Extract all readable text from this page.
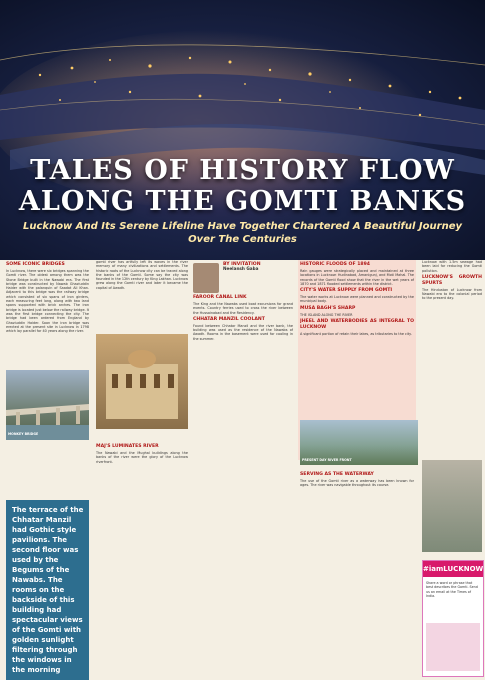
TALES OF HISTORY FLOW
ALONG THE GOMTI BANKS

Lucknow And Its Serene Lifeline Have Together Chartered A Beautiful Journey Over The Centuries

SOME ICONIC BRIDGES

In Lucknow, there were six bridges spanning the Gomti river. The oldest among them was the Stone Bridge built in the Nawabi era. The first bridge was constructed by Nawab Ghaziuddin Haider with the palanquin of Saadat Ali Khan. Adjacent to this bridge was the railway bridge which consisted of six spans of iron girders, each measuring feet long, along with two land spans supported with brick arches. The iron bridge is located just below the railway bridge. It was the first bridge connecting the city. The bridge had been ordered from England by Ghaziuddin Haider. Soon the iron bridge was erected at the present site in Lucknow in 1798 which lay parallel for 40 years along the river.

MONKEY BRIDGE

gomti river has artfully left its waves in the river memory of many civilizations and settlements. The historic roots of the Lucknow city can be traced along the banks of the Gomti. Some say the city was founded in the 12th century by King Lakhan. Lucknow grew along the Gomti river and later it became the capital of Awadh.

MAJ'S LUMINATES RIVER

The Nawabi and the Mughal buildings along the banks of the river were the glory of the Lucknow riverfront.

The terrace of the Chhatar Manzil had Gothic style pavilions. The second floor was used by the Begums of the Nawabs. The rooms on the backside of this building had spectacular views of the Gomti with golden sunlight filtering through the windows in the morning
BY INVITATION
Neelansh Gaba
FAROOR CANAL LINK

The King and the Nawabs used boat excursions for grand events. Country ferries used to cross the river between the Hussainabad and the Residency.

CHHATAR MANZIL COOLANT

Found between Chhatar Manzil and the river bank, the building was used as the residence of the Nawabs of Awadh. Rooms in the basement were used for cooling in the summer.

HISTORIC FLOODS OF 1894

Rain gauges were strategically placed and maintained at three locations in Lucknow: Hudinabad, Amanigunj, and Moti Mahal. The records of the Gomti flood show that the river in the wet years of 1870 and 1871 flooded settlements within the district.

CITY'S WATER SUPPLY FROM GOMTI

The water works at Lucknow were planned and constructed by the municipal body.

MUSA BAGH'S SHARP

THE ISLAND ALONG THE RIVER

JHEEL AND WATERBODIES AS INTEGRAL TO LUCKNOW

A significant portion of retain their lakes, as tributaries to the city.

PRESENT DAY RIVER FRONT
SERVING AS THE WATERWAY

The use of the Gomti river as a waterway has been known for ages. The river was navigable throughout its course.

Lucknow with 1.5m sewage had been laid for reducing the Gomti pollution.

LUCKNOW'S GROWTH SPURTS

The Hindustan of Lucknow from Nawabi era to the colonial period to the present day.

#iamLUCKNOW
Share a word or phrase that best describes the Gomti. Send us an email at the Times of India.
